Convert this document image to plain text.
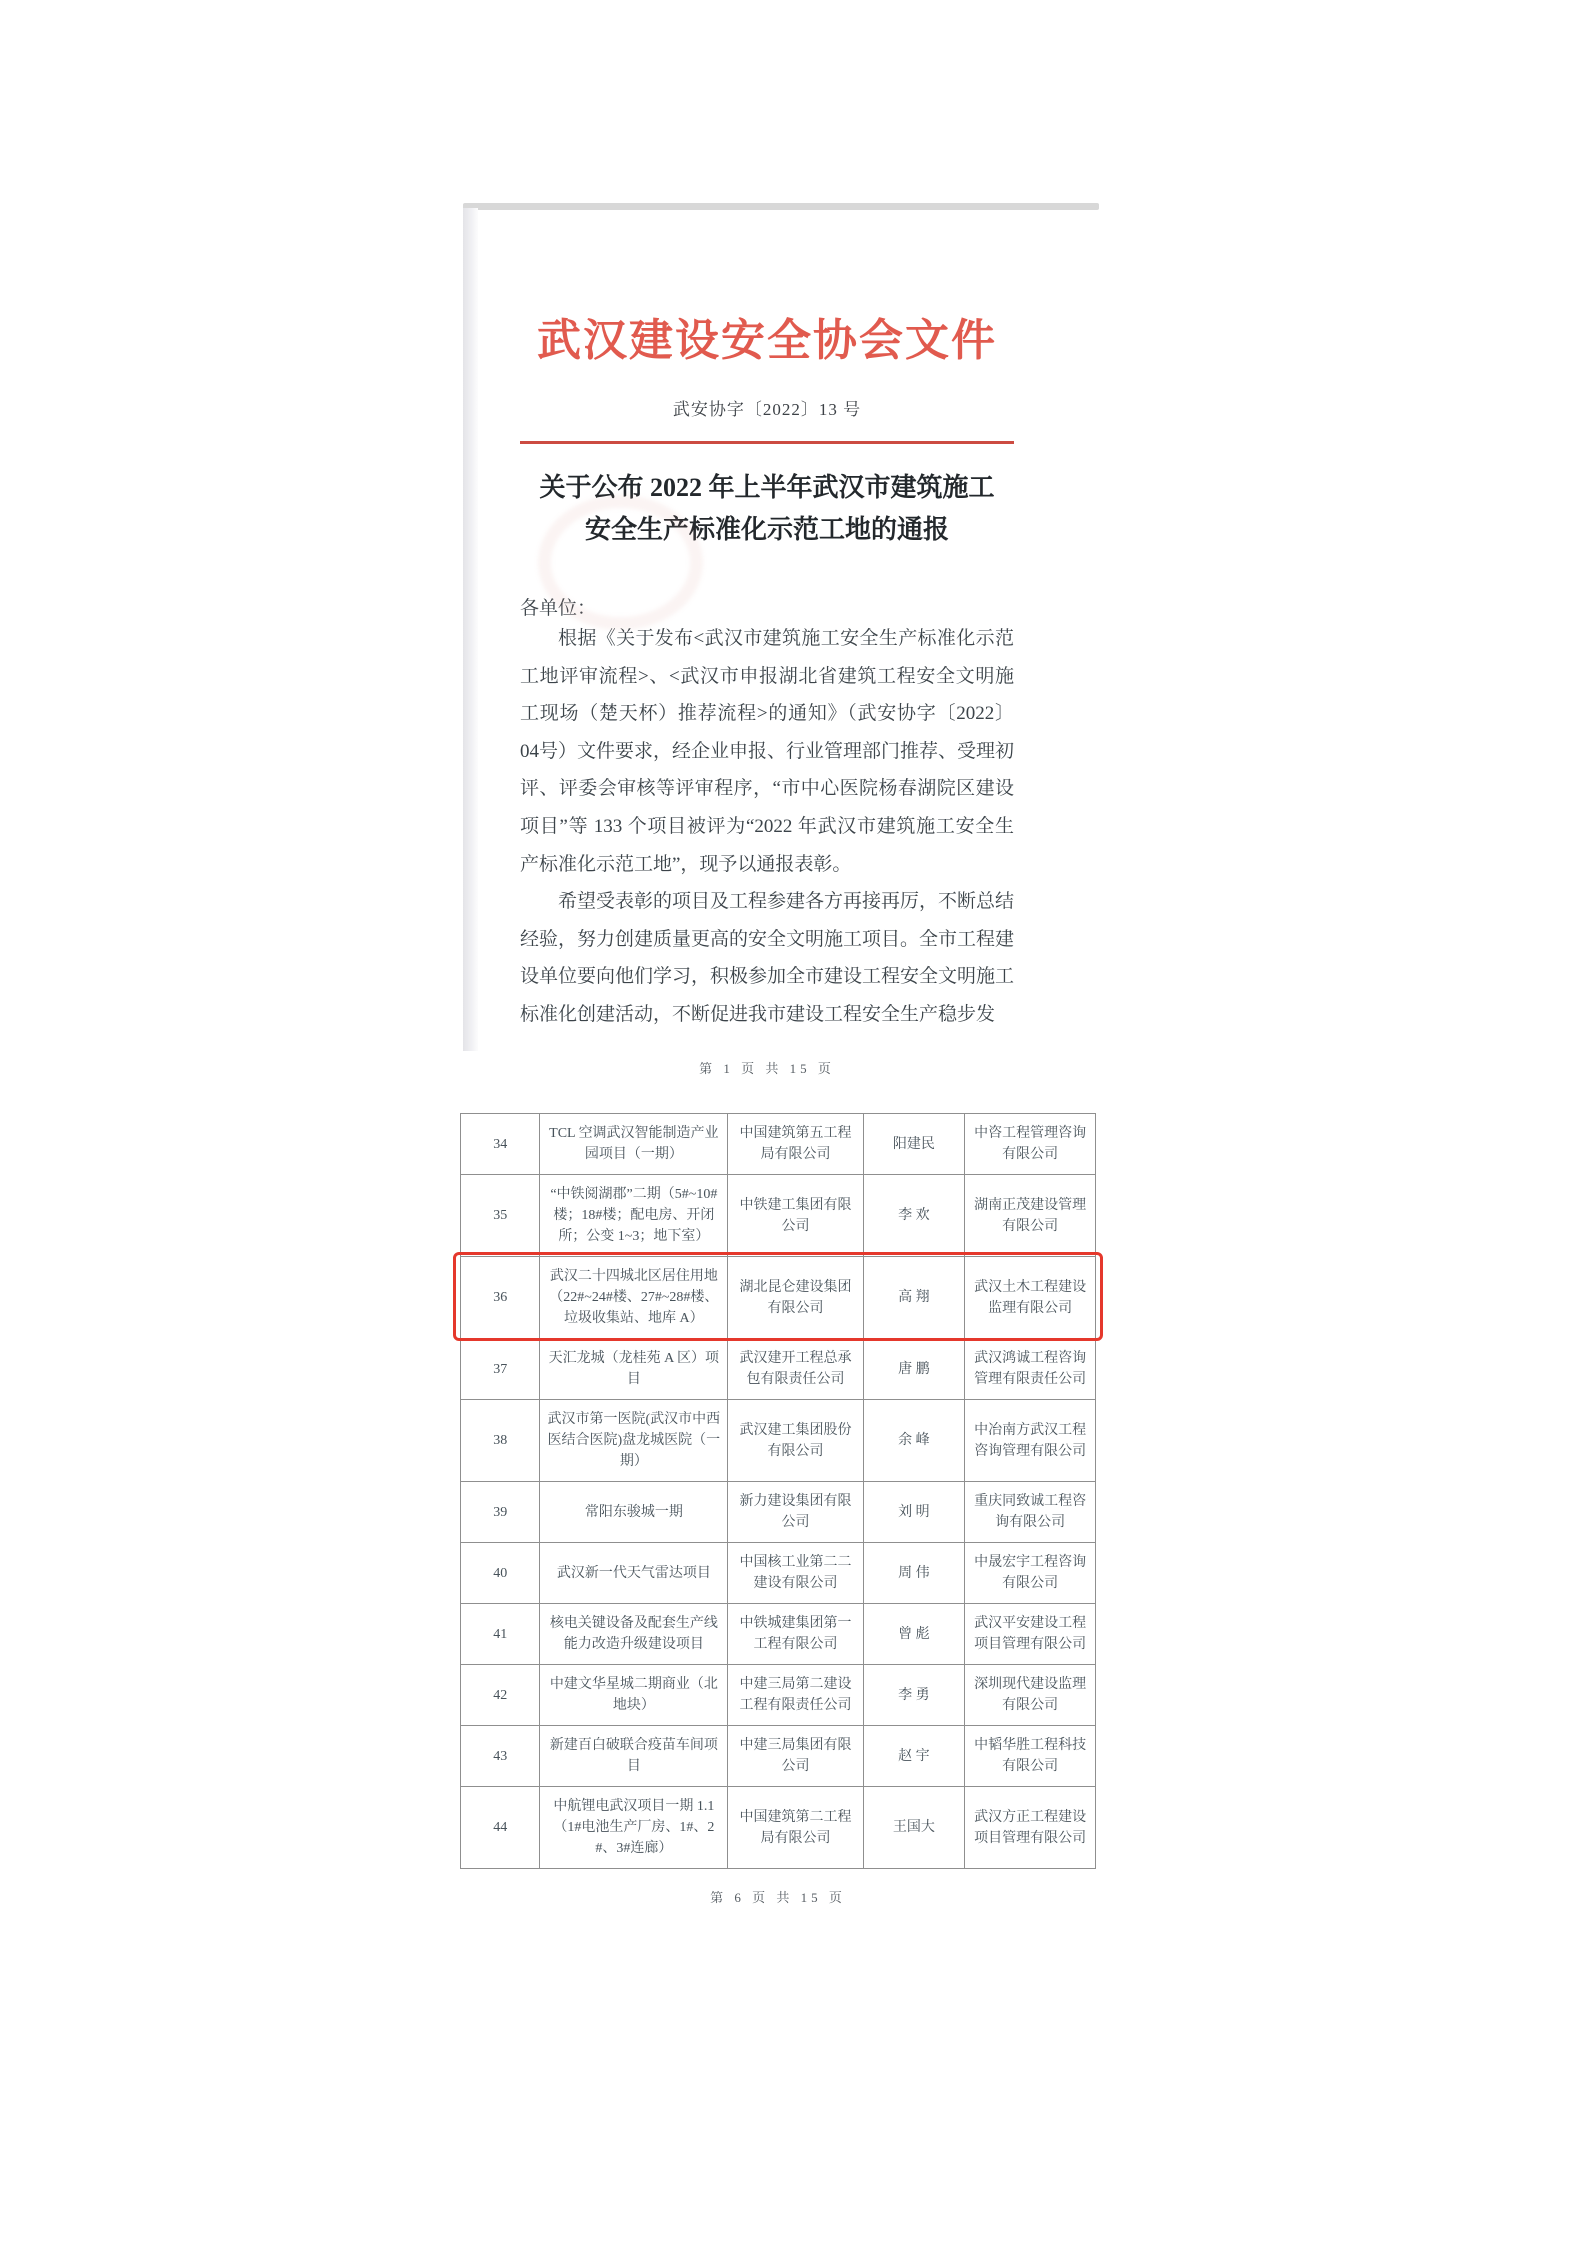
武汉建设安全协会文件
武安协字〔2022〕13 号
关于公布 2022 年上半年武汉市建筑施工
安全生产标准化示范工地的通报
各单位：

根据《关于发布<武汉市建筑施工安全生产标准化示范工地评审流程>、<武汉市申报湖北省建筑工程安全文明施工现场（楚天杯）推荐流程>的通知》（武安协字〔2022〕04号）文件要求，经企业申报、行业管理部门推荐、受理初评、评委会审核等评审程序，“市中心医院杨春湖院区建设项目”等 133 个项目被评为“2022 年武汉市建筑施工安全生产标准化示范工地”，现予以通报表彰。

希望受表彰的项目及工程参建各方再接再厉，不断总结经验，努力创建质量更高的安全文明施工项目。全市工程建设单位要向他们学习，积极参加全市建设工程安全文明施工标准化创建活动，不断促进我市建设工程安全生产稳步发

第 1 页 共 15 页
34	TCL 空调武汉智能制造产业园项目（一期）	中国建筑第五工程局有限公司	阳建民	中咨工程管理咨询有限公司
35	“中铁阅湖郡”二期（5#~10#楼；18#楼；配电房、开闭所；公变 1~3；地下室）	中铁建工集团有限公司	李 欢	湖南正茂建设管理有限公司
36	武汉二十四城北区居住用地（22#~24#楼、27#~28#楼、垃圾收集站、地库 A）	湖北昆仑建设集团有限公司	高 翔	武汉土木工程建设监理有限公司
37	天汇龙城（龙桂苑 A 区）项目	武汉建开工程总承包有限责任公司	唐 鹏	武汉鸿诚工程咨询管理有限责任公司
38	武汉市第一医院(武汉市中西医结合医院)盘龙城医院（一期）	武汉建工集团股份有限公司	余 峰	中冶南方武汉工程咨询管理有限公司
39	常阳东骏城一期	新力建设集团有限公司	刘 明	重庆同致诚工程咨询有限公司
40	武汉新一代天气雷达项目	中国核工业第二二建设有限公司	周 伟	中晟宏宇工程咨询有限公司
41	核电关键设备及配套生产线能力改造升级建设项目	中铁城建集团第一工程有限公司	曾 彪	武汉平安建设工程项目管理有限公司
42	中建文华星城二期商业（北地块）	中建三局第二建设工程有限责任公司	李 勇	深圳现代建设监理有限公司
43	新建百白破联合疫苗车间项目	中建三局集团有限公司	赵 宇	中韬华胜工程科技有限公司
44	中航锂电武汉项目一期 1.1（1#电池生产厂房、1#、2#、3#连廊）	中国建筑第二工程局有限公司	王国大	武汉方正工程建设项目管理有限公司
第 6 页 共 15 页
